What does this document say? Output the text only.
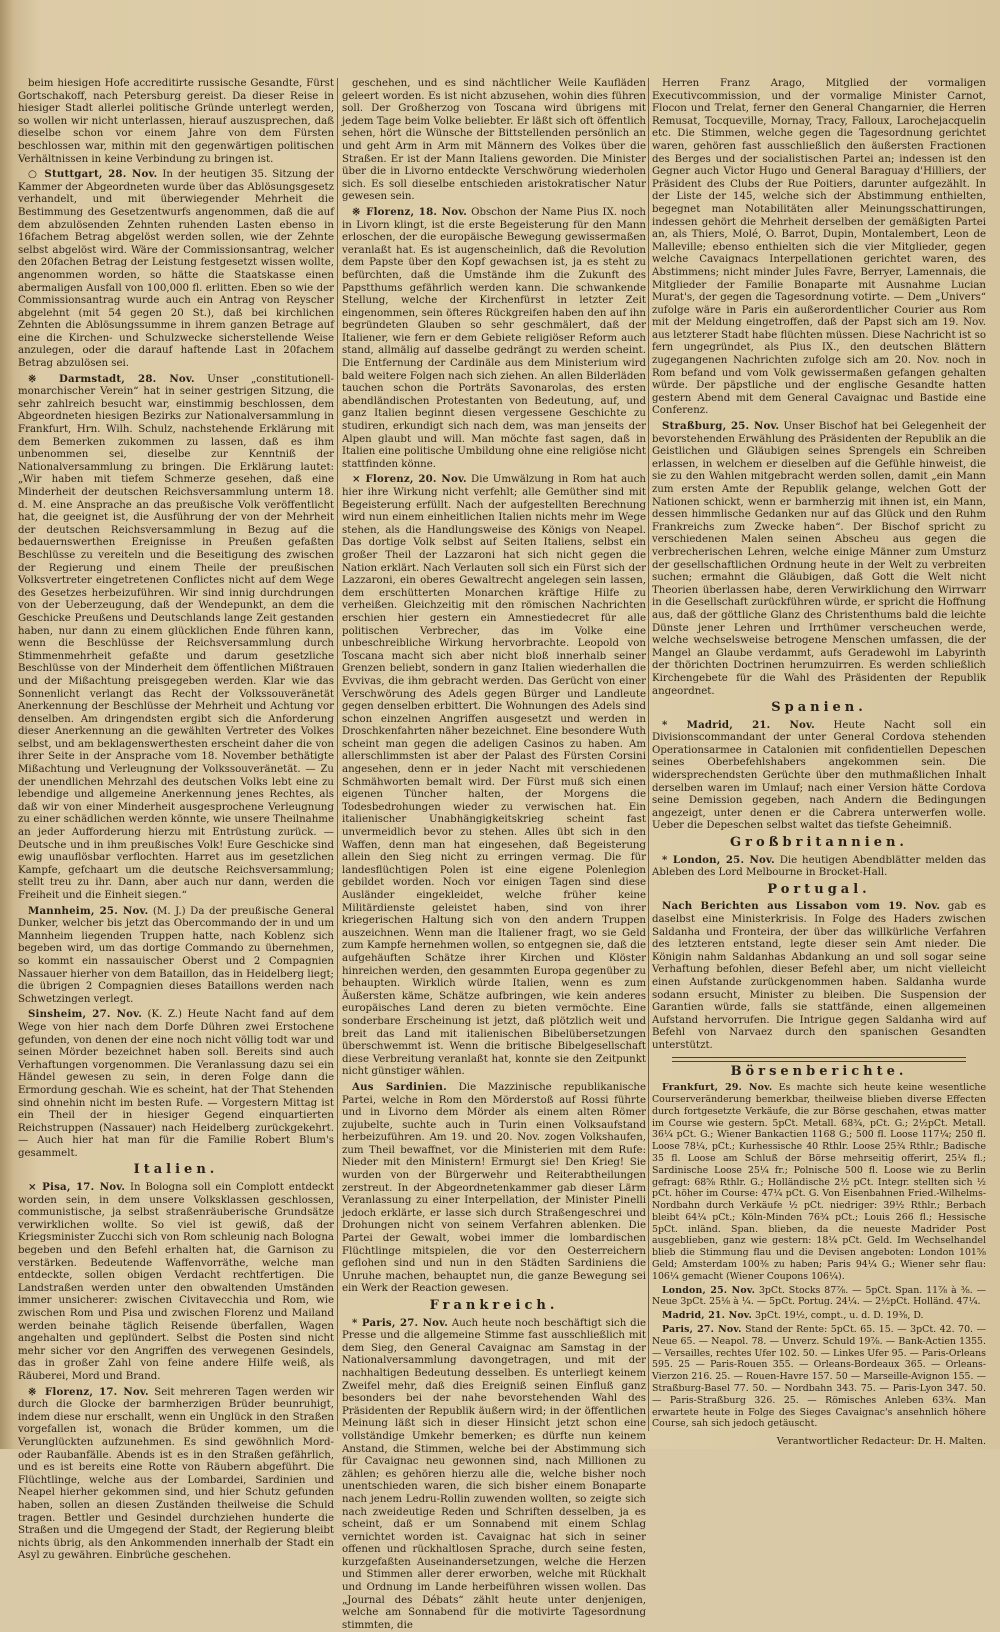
beim hiesigen Hofe accreditirte russische Gesandte, Fürst Gortschakoff, nach Petersburg gereist. Da dieser Reise in hiesiger Stadt allerlei politische Gründe unterlegt werden, so wollen wir nicht unterlassen, hierauf auszusprechen, daß dieselbe schon vor einem Jahre von dem Fürsten beschlossen war, mithin mit den gegenwärtigen politischen Verhältnissen in keine Verbindung zu bringen ist.

○ Stuttgart, 28. Nov. In der heutigen 35. Sitzung der Kammer der Abgeordneten wurde über das Ablösungsgesetz verhandelt, und mit überwiegender Mehrheit die Bestimmung des Gesetzentwurfs angenommen, daß die auf dem abzulösenden Zehnten ruhenden Lasten ebenso in 16fachem Betrag abgelöst werden sollen, wie der Zehnte selbst abgelöst wird. Wäre der Commissionsantrag, welcher den 20fachen Betrag der Leistung festgesetzt wissen wollte, angenommen worden, so hätte die Staatskasse einen abermaligen Ausfall von 100,000 fl. erlitten. Eben so wie der Commissionsantrag wurde auch ein Antrag von Reyscher abgelehnt (mit 54 gegen 20 St.), daß bei kirchlichen Zehnten die Ablösungssumme in ihrem ganzen Betrage auf eine die Kirchen- und Schulzwecke sicherstellende Weise anzulegen, oder die darauf haftende Last in 20fachem Betrag abzulösen sei.

※ Darmstadt, 28. Nov. Unser „constitutionell-monarchischer Verein“ hat in seiner gestrigen Sitzung, die sehr zahlreich besucht war, einstimmig beschlossen, dem Abgeordneten hiesigen Bezirks zur Nationalversammlung in Frankfurt, Hrn. Wilh. Schulz, nachstehende Erklärung mit dem Bemerken zukommen zu lassen, daß es ihm unbenommen sei, dieselbe zur Kenntniß der Nationalversammlung zu bringen. Die Erklärung lautet: „Wir haben mit tiefem Schmerze gesehen, daß eine Minderheit der deutschen Reichsversammlung unterm 18. d. M. eine Ansprache an das preußische Volk veröffentlicht hat, die geeignet ist, die Ausführung der von der Mehrheit der deutschen Reichsversammlung in Bezug auf die bedauernswerthen Ereignisse in Preußen gefaßten Beschlüsse zu vereiteln und die Beseitigung des zwischen der Regierung und einem Theile der preußischen Volksvertreter eingetretenen Conflictes nicht auf dem Wege des Gesetzes herbeizuführen. Wir sind innig durchdrungen von der Ueberzeugung, daß der Wendepunkt, an dem die Geschicke Preußens und Deutschlands lange Zeit gestanden haben, nur dann zu einem glücklichen Ende führen kann, wenn die Beschlüsse der Reichsversammlung durch Stimmenmehrheit gefaßte und darum gesetzliche Beschlüsse von der Minderheit dem öffentlichen Mißtrauen und der Mißachtung preisgegeben werden. Klar wie das Sonnenlicht verlangt das Recht der Volkssouveränetät Anerkennung der Beschlüsse der Mehrheit und Achtung vor denselben. Am dringendsten ergibt sich die Anforderung dieser Anerkennung an die gewählten Vertreter des Volkes selbst, und am beklagenswerthesten erscheint daher die von ihrer Seite in der Ansprache vom 18. November bethätigte Mißachtung und Verleugnung der Volkssouveränetät. — Zu der unendlichen Mehrzahl des deutschen Volks lebt eine zu lebendige und allgemeine Anerkennung jenes Rechtes, als daß wir von einer Minderheit ausgesprochene Verleugnung zu einer schädlichen werden könnte, wie unsere Theilnahme an jeder Aufforderung hierzu mit Entrüstung zurück. — Deutsche und in ihm preußisches Volk! Eure Geschicke sind ewig unauflösbar verflochten. Harret aus im gesetzlichen Kampfe, gefchaart um die deutsche Reichsversammlung; stellt treu zu ihr. Dann, aber auch nur dann, werden die Freiheit und die Einheit siegen.“

Mannheim, 25. Nov. (M. J.) Da der preußische General Dunker, welcher bis jetzt das Obercommando der in und um Mannheim liegenden Truppen hatte, nach Koblenz sich begeben wird, um das dortige Commando zu übernehmen, so kommt ein nassauischer Oberst und 2 Compagnien Nassauer hierher von dem Bataillon, das in Heidelberg liegt; die übrigen 2 Compagnien dieses Bataillons werden nach Schwetzingen verlegt.

Sinsheim, 27. Nov. (K. Z.) Heute Nacht fand auf dem Wege von hier nach dem Dorfe Dühren zwei Erstochene gefunden, von denen der eine noch nicht völlig todt war und seinen Mörder bezeichnet haben soll. Bereits sind auch Verhaftungen vorgenommen. Die Veranlassung dazu sei ein Händel gewesen zu sein, in deren Folge dann die Ermordung geschah. Wie es scheint, hat der That Stehenden sind ohnehin nicht im besten Rufe. — Vorgestern Mittag ist ein Theil der in hiesiger Gegend einquartierten Reichstruppen (Nassauer) nach Heidelberg zurückgekehrt. — Auch hier hat man für die Familie Robert Blum's gesammelt.

Italien.

⨯ Pisa, 17. Nov. In Bologna soll ein Complott entdeckt worden sein, in dem unsere Volksklassen geschlossen, communistische, ja selbst straßenräuberische Grundsätze verwirklichen wollte. So viel ist gewiß, daß der Kriegsminister Zucchi sich von Rom schleunig nach Bologna begeben und den Befehl erhalten hat, die Garnison zu verstärken. Bedeutende Waffenvorräthe, welche man entdeckte, sollen obigen Verdacht rechtfertigen. Die Landstraßen werden unter den obwaltenden Umständen immer unsicherer: zwischen Civitavecchia und Rom, wie zwischen Rom und Pisa und zwischen Florenz und Mailand werden beinahe täglich Reisende überfallen, Wagen angehalten und geplündert. Selbst die Posten sind nicht mehr sicher vor den Angriffen des verwegenen Gesindels, das in großer Zahl von feine andere Hilfe weiß, als Räuberei, Mord und Brand.

※ Florenz, 17. Nov. Seit mehreren Tagen werden wir durch die Glocke der barmherzigen Brüder beunruhigt, indem diese nur erschallt, wenn ein Unglück in den Straßen vorgefallen ist, wonach die Brüder kommen, um die Verunglückten aufzunehmen. Es sind gewöhnlich Mord- oder Raubanfälle. Abends ist es in den Straßen gefährlich, und es ist bereits eine Rotte von Räubern abgeführt. Die Flüchtlinge, welche aus der Lombardei, Sardinien und Neapel hierher gekommen sind, und hier Schutz gefunden haben, sollen an diesen Zuständen theilweise die Schuld tragen. Bettler und Gesindel durchziehen hunderte die Straßen und die Umgegend der Stadt, der Regierung bleibt nichts übrig, als den Ankommenden innerhalb der Stadt ein Asyl zu gewähren. Einbrüche geschehen.

geschehen, und es sind nächtlicher Weile Kaufläden geleert worden. Es ist nicht abzusehen, wohin dies führen soll. Der Großherzog von Toscana wird übrigens mit jedem Tage beim Volke beliebter. Er läßt sich oft öffentlich sehen, hört die Wünsche der Bittstellenden persönlich an und geht Arm in Arm mit Männern des Volkes über die Straßen. Er ist der Mann Italiens geworden. Die Minister über die in Livorno entdeckte Verschwörung wiederholen sich. Es soll dieselbe entschieden aristokratischer Natur gewesen sein.

※ Florenz, 18. Nov. Obschon der Name Pius IX. noch in Livorn klingt, ist die erste Begeisterung für den Mann erloschen, der die europäische Bewegung gewissermaßen veranlaßt hat. Es ist augenscheinlich, daß die Revolution dem Papste über den Kopf gewachsen ist, ja es steht zu befürchten, daß die Umstände ihm die Zukunft des Papstthums gefährlich werden kann. Die schwankende Stellung, welche der Kirchenfürst in letzter Zeit eingenommen, sein öfteres Rückgreifen haben den auf ihn begründeten Glauben so sehr geschmälert, daß der Italiener, wie fern er dem Gebiete religiöser Reform auch stand, allmälig auf dasselbe gedrängt zu werden scheint. Die Entfernung der Cardinäle aus dem Ministerium wird bald weitere Folgen nach sich ziehen. An allen Bilderläden tauchen schon die Porträts Savonarolas, des ersten abendländischen Protestanten von Bedeutung, auf, und ganz Italien beginnt diesen vergessene Geschichte zu studiren, erkundigt sich nach dem, was man jenseits der Alpen glaubt und will. Man möchte fast sagen, daß in Italien eine politische Umbildung ohne eine religiöse nicht stattfinden könne.

⨯ Florenz, 20. Nov. Die Umwälzung in Rom hat auch hier ihre Wirkung nicht verfehlt; alle Gemüther sind mit Begeisterung erfüllt. Nach der aufgestellten Berechnung wird nun einem einheitlichen Italien nichts mehr im Wege stehen, als die Handlungsweise des Königs von Neapel. Das dortige Volk selbst auf Seiten Italiens, selbst ein großer Theil der Lazzaroni hat sich nicht gegen die Nation erklärt. Nach Verlauten soll sich ein Fürst sich der Lazzaroni, ein oberes Gewaltrecht angelegen sein lassen, dem erschütterten Monarchen kräftige Hilfe zu verheißen. Gleichzeitig mit den römischen Nachrichten erschien hier gestern ein Amnestiedecret für alle politischen Verbrecher, das im Volke eine unbeschreibliche Wirkung hervorbrachte. Leopold von Toscana macht sich aber nicht bloß innerhalb seiner Grenzen beliebt, sondern in ganz Italien wiederhallen die Evvivas, die ihm gebracht werden. Das Gerücht von einer Verschwörung des Adels gegen Bürger und Landleute gegen denselben erbittert. Die Wohnungen des Adels sind schon einzelnen Angriffen ausgesetzt und werden in Droschkenfahrten näher bezeichnet. Eine besondere Wuth scheint man gegen die adeligen Casinos zu haben. Am allerschlimmsten ist aber der Palast des Fürsten Corsini angesehen, denn er in jeder Nacht mit verschiedenen Schmähworten bemalt wird. Der Fürst muß sich einen eigenen Tüncher halten, der Morgens die Todesbedrohungen wieder zu verwischen hat. Ein italienischer Unabhängigkeitskrieg scheint fast unvermeidlich bevor zu stehen. Alles übt sich in den Waffen, denn man hat eingesehen, daß Begeisterung allein den Sieg nicht zu erringen vermag. Die für landesflüchtigen Polen ist eine eigene Polenlegion gebildet worden. Noch vor einigen Tagen sind diese Ausländer eingekleidet, welche früher keine Militärdienste geleistet haben, sind von ihrer kriegerischen Haltung sich von den andern Truppen auszeichnen. Wenn man die Italiener fragt, wo sie Geld zum Kampfe hernehmen wollen, so entgegnen sie, daß die aufgehäuften Schätze ihrer Kirchen und Klöster hinreichen werden, den gesammten Europa gegenüber zu behaupten. Wirklich würde Italien, wenn es zum Äußersten käme, Schätze aufbringen, wie kein anderes europäisches Land deren zu bieten vermöchte. Eine sonderbare Erscheinung ist jetzt, daß plötzlich weit und breit das Land mit italienischen Bibelübersetzungen überschwemmt ist. Wenn die britische Bibelgesellschaft diese Verbreitung veranlaßt hat, konnte sie den Zeitpunkt nicht günstiger wählen.

Aus Sardinien. Die Mazzinische republikanische Partei, welche in Rom den Mörderstoß auf Rossi führte und in Livorno dem Mörder als einem alten Römer zujubelte, suchte auch in Turin einen Volksaufstand herbeizuführen. Am 19. und 20. Nov. zogen Volkshaufen, zum Theil bewaffnet, vor die Ministerien mit dem Rufe: Nieder mit den Ministern! Ermurgt sie! Den Krieg! Sie wurden von der Bürgerwehr und Reiterabtheilungen zerstreut. In der Abgeordnetenkammer gab dieser Lärm Veranlassung zu einer Interpellation, der Minister Pinelli jedoch erklärte, er lasse sich durch Straßengeschrei und Drohungen nicht von seinem Verfahren ablenken. Die Partei der Gewalt, wobei immer die lombardischen Flüchtlinge mitspielen, die vor den Oesterreichern geflohen sind und nun in den Städten Sardiniens die Unruhe machen, behauptet nun, die ganze Bewegung sei ein Werk der Reaction gewesen.

Frankreich.

* Paris, 27. Nov. Auch heute noch beschäftigt sich die Presse und die allgemeine Stimme fast ausschließlich mit dem Sieg, den General Cavaignac am Samstag in der Nationalversammlung davongetragen, und mit der nachhaltigen Bedeutung desselben. Es unterliegt keinem Zweifel mehr, daß dies Ereigniß seinen Einfluß ganz besonders bei der nahe bevorstehenden Wahl des Präsidenten der Republik äußern wird; in der öffentlichen Meinung läßt sich in dieser Hinsicht jetzt schon eine vollständige Umkehr bemerken; es dürfte nun keinem Anstand, die Stimmen, welche bei der Abstimmung sich für Cavaignac neu gewonnen sind, nach Millionen zu zählen; es gehören hierzu alle die, welche bisher noch unentschieden waren, die sich bisher einem Bonaparte nach jenem Ledru-Rollin zuwenden wollten, so zeigte sich nach zweideutige Reden und Schriften desselben, ja es scheint, daß er um Sonnabend mit einem Schlag vernichtet worden ist. Cavaignac hat sich in seiner offenen und rückhaltlosen Sprache, durch seine festen, kurzgefaßten Auseinandersetzungen, welche die Herzen und Stimmen aller derer erworben, welche mit Rückhalt und Ordnung im Lande herbeiführen wissen wollen. Das „Journal des Débats“ zählt heute unter denjenigen, welche am Sonnabend für die motivirte Tagesordnung stimmten, die

Herren Franz Arago, Mitglied der vormaligen Executivcommission, und der vormalige Minister Carnot, Flocon und Trelat, ferner den General Changarnier, die Herren Remusat, Tocqueville, Mornay, Tracy, Falloux, Larochejacquelin etc. Die Stimmen, welche gegen die Tagesordnung gerichtet waren, gehören fast ausschließlich den äußersten Fractionen des Berges und der socialistischen Partei an; indessen ist den Gegner auch Victor Hugo und General Baraguay d'Hilliers, der Präsident des Clubs der Rue Poitiers, darunter aufgezählt. In der Liste der 145, welche sich der Abstimmung enthielten, begegnet man Notabilitäten aller Meinungsschattirungen, indessen gehört die Mehrheit derselben der gemäßigten Partei an, als Thiers, Molé, O. Barrot, Dupin, Montalembert, Leon de Malleville; ebenso enthielten sich die vier Mitglieder, gegen welche Cavaignacs Interpellationen gerichtet waren, des Abstimmens; nicht minder Jules Favre, Berryer, Lamennais, die Mitglieder der Familie Bonaparte mit Ausnahme Lucian Murat's, der gegen die Tagesordnung votirte. — Dem „Univers“ zufolge wäre in Paris ein außerordentlicher Courier aus Rom mit der Meldung eingetroffen, daß der Papst sich am 19. Nov. aus letzterer Stadt habe flüchten müssen. Diese Nachricht ist so fern ungegründet, als Pius IX., den deutschen Blättern zugegangenen Nachrichten zufolge sich am 20. Nov. noch in Rom befand und vom Volk gewissermaßen gefangen gehalten würde. Der päpstliche und der englische Gesandte hatten gestern Abend mit dem General Cavaignac und Bastide eine Conferenz.

Straßburg, 25. Nov. Unser Bischof hat bei Gelegenheit der bevorstehenden Erwählung des Präsidenten der Republik an die Geistlichen und Gläubigen seines Sprengels ein Schreiben erlassen, in welchem er dieselben auf die Gefühle hinweist, die sie zu den Wahlen mitgebracht werden sollen, damit „ein Mann zum ersten Amte der Republik gelange, welchen Gott der Nationen schickt, wenn er barmherzig mit ihnen ist, ein Mann, dessen himmlische Gedanken nur auf das Glück und den Ruhm Frankreichs zum Zwecke haben“. Der Bischof spricht zu verschiedenen Malen seinen Abscheu aus gegen die verbrecherischen Lehren, welche einige Männer zum Umsturz der gesellschaftlichen Ordnung heute in der Welt zu verbreiten suchen; ermahnt die Gläubigen, daß Gott die Welt nicht Theorien überlassen habe, deren Verwirklichung den Wirrwarr in die Gesellschaft zurückführen würde, er spricht die Hoffnung aus, daß der göttliche Glanz des Christenthums bald die leichte Dünste jener Lehren und Irrthümer verscheuchen werde, welche wechselsweise betrogene Menschen umfassen, die der Mangel an Glaube verdammt, aufs Geradewohl im Labyrinth der thörichten Doctrinen herumzuirren. Es werden schließlich Kirchengebete für die Wahl des Präsidenten der Republik angeordnet.

Spanien.

* Madrid, 21. Nov. Heute Nacht soll ein Divisionscommandant der unter General Cordova stehenden Operationsarmee in Catalonien mit confidentiellen Depeschen seines Oberbefehlshabers angekommen sein. Die widersprechendsten Gerüchte über den muthmaßlichen Inhalt derselben waren im Umlauf; nach einer Version hätte Cordova seine Demission gegeben, nach Andern die Bedingungen angezeigt, unter denen er die Cabrera unterwerfen wolle. Ueber die Depeschen selbst waltet das tiefste Geheimniß.

Großbritannien.

* London, 25. Nov. Die heutigen Abendblätter melden das Ableben des Lord Melbourne in Brocket-Hall.

Portugal.

Nach Berichten aus Lissabon vom 19. Nov. gab es daselbst eine Ministerkrisis. In Folge des Haders zwischen Saldanha und Fronteira, der über das willkürliche Verfahren des letzteren entstand, legte dieser sein Amt nieder. Die Königin nahm Saldanhas Abdankung an und soll sogar seine Verhaftung befohlen, dieser Befehl aber, um nicht vielleicht einen Aufstande zurückgenommen haben. Saldanha wurde sodann ersucht, Minister zu bleiben. Die Suspension der Garantien würde, falls sie stattfände, einen allgemeinen Aufstand hervorrufen. Die Intrigue gegen Saldanha wird auf Befehl von Narvaez durch den spanischen Gesandten unterstützt.

Börsenberichte.

Frankfurt, 29. Nov. Es machte sich heute keine wesentliche Courserveränderung bemerkbar, theilweise blieben diverse Effecten durch fortgesetzte Verkäufe, die zur Börse geschahen, etwas matter im Course wie gestern. 5pCt. Metall. 68¾, pCt. G.; 2½pCt. Metall. 36¼ pCt. G.; Wiener Bankactien 1168 G.; 500 fl. Loose 117¼; 250 fl. Loose 78¼, pCt.; Kurhessische 40 Rthlr. Loose 25¾ Rthlr.; Badische 35 fl. Loose am Schluß der Börse mehrseitig offerirt, 25¼ fl.; Sardinische Loose 25¼ fr.; Polnische 500 fl. Loose wie zu Berlin gefragt: 68⅝ Rthlr. G.; Holländische 2½ pCt. Integr. stellten sich ½ pCt. höher im Course: 47¼ pCt. G. Von Eisenbahnen Fried.-Wilhelms-Nordbahn durch Verkäufe ½ pCt. niedriger: 39½ Rthlr.; Berbach bleibt 64¼ pCt.; Köln-Minden 76¾ pCt.; Louis 266 fl.; Hessische 5pCt. inländ. Span. blieben, da die neueste Madrider Post ausgeblieben, ganz wie gestern: 18¼ pCt. Geld. Im Wechselhandel blieb die Stimmung flau und die Devisen angeboten: London 101⅝ Geld; Amsterdam 100⅜ zu haben; Paris 94¼ G.; Wiener sehr flau: 106¼ gemacht (Wiener Coupons 106¼).

London, 25. Nov. 3pCt. Stocks 87⅞. — 5pCt. Span. 11⅞ à ⅜. — Neue 3pCt. 25⅛ à ¼. — 5pCt. Portug. 24¼. — 2½pCt. Holländ. 47¼.

Madrid, 21. Nov. 3pCt. 19½, compt., u. d. D. 19⅜, D.

Paris, 27. Nov. Stand der Rente: 5pCt. 65. 15. — 3pCt. 42. 70. — Neue 65. — Neapol. 78. — Unverz. Schuld 19⅞. — Bank-Actien 1355. — Versailles, rechtes Ufer 102. 50. — Linkes Ufer 95. — Paris-Orleans 595. 25 — Paris-Rouen 355. — Orleans-Bordeaux 365. — Orleans-Vierzon 216. 25. — Rouen-Havre 157. 50 — Marseille-Avignon 155. — Straßburg-Basel 77. 50. — Nordbahn 343. 75. — Paris-Lyon 347. 50. — Paris-Straßburg 326. 25. — Römisches Anleben 63¾. Man erwartete heute in Folge des Sieges Cavaignac's ansehnlich höhere Course, sah sich jedoch getäuscht.

Verantwortlicher Redacteur: Dr. H. Malten.
